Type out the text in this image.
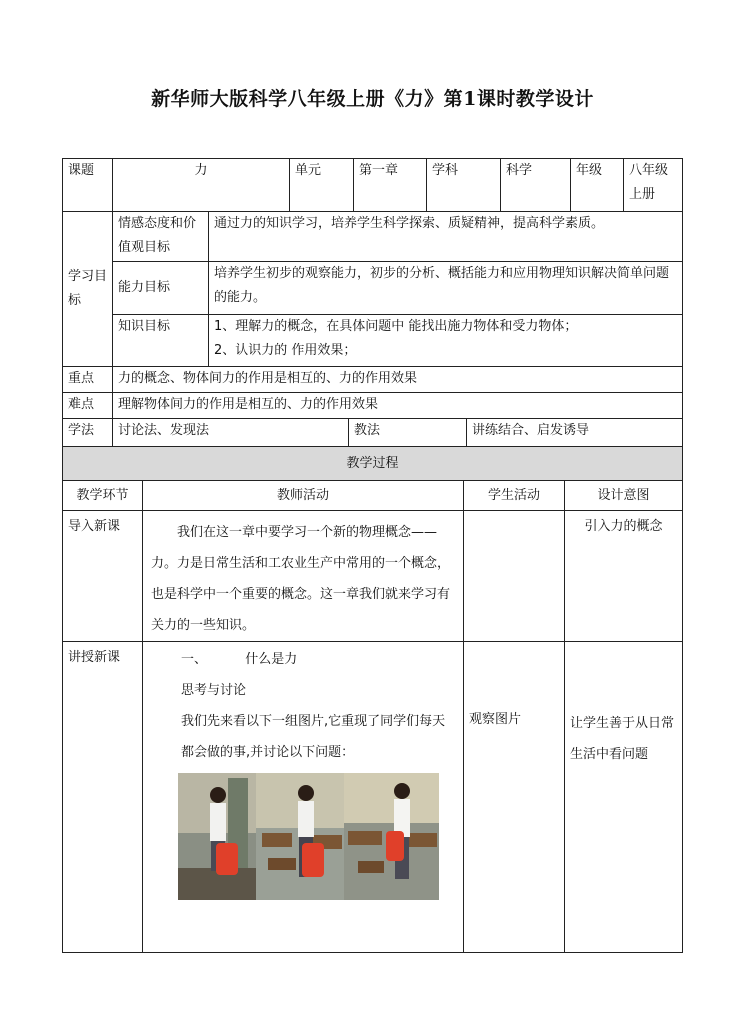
新华师大版科学八年级上册《力》第1课时教学设计
课题	力	单元	第一章	学科	科学	年级	八年级上册
学习目标	情感态度和价值观目标	通过力的知识学习，培养学生科学探索、质疑精神，提高科学素质。
	能力目标	培养学生初步的观察能力，初步的分析、概括能力和应用物理知识解决简单问题的能力。
	知识目标	1、理解力的概念，在具体问题中 能找出施力物体和受力物体；
2、认识力的 作用效果；
重点	力的概念、物体间力的作用是相互的、力的作用效果		
难点	理解物体间力的作用是相互的、力的作用效果		
学法	讨论法、发现法	教法	讲练结合、启发诱导
教学过程			
教学环节	教师活动	学生活动	设计意图
导入新课	我们在这一章中要学习一个新的物理概念——力。力是日常生活和工农业生产中常用的一个概念，也是科学中一个重要的概念。这一章我们就来学习有关力的一些知识。		引入力的概念
讲授新课	一、 什么是力
思考与讨论
我们先来看以下一组图片,它重现了同学们每天都会做的事,并讨论以下问题：	观察图片	让学生善于从日常生活中看问题
